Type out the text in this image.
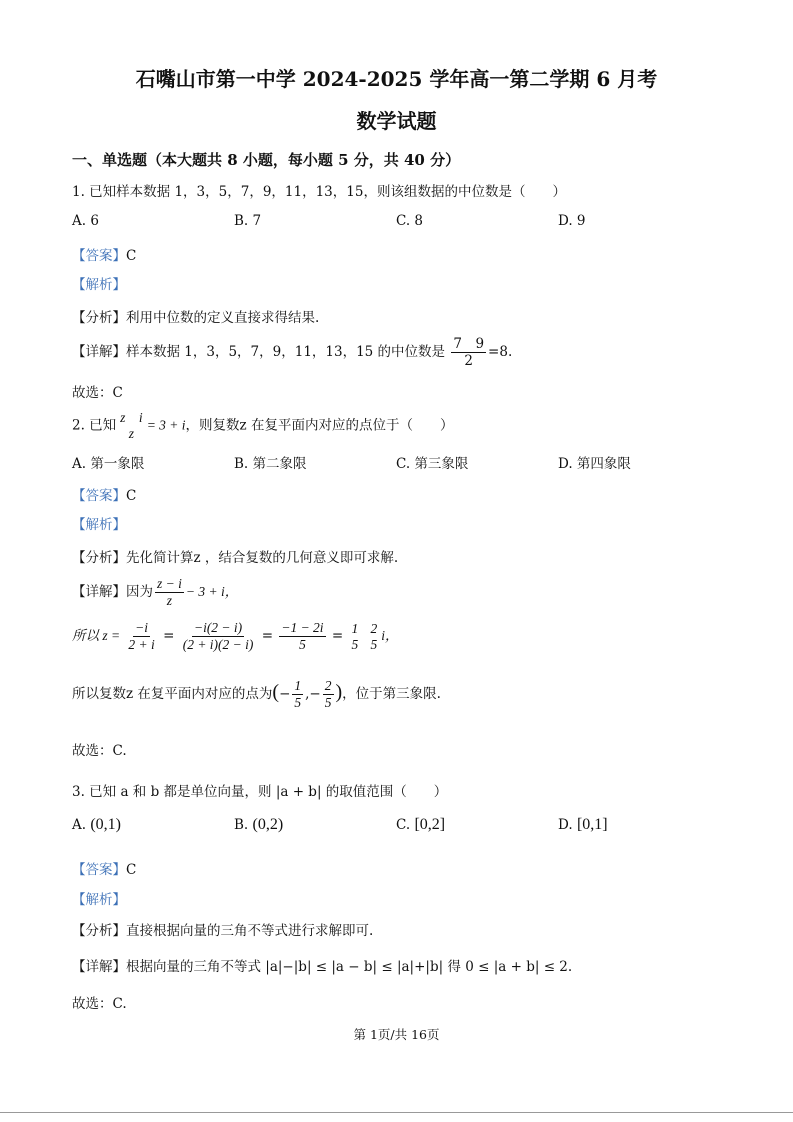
石嘴山市第一中学 2024-2025 学年高一第二学期 6 月考
数学试题
一、单选题（本大题共 8 小题，每小题 5 分，共 40 分）
1. 已知样本数据 1，3，5，7，9，11，13，15，则该组数据的中位数是（　　）
A. 6	B. 7	C. 8	D. 9
【答案】C
【解析】
【分析】利用中位数的定义直接求得结果.
【详解】样本数据 1，3，5，7，9，11，13，15 的中位数是 $\frac{7 9}{2} =8$.
故选：C
2. 已知 z　i
z
= 3 + i，则复数z 在复平面内对应的点位于（　　）
A. 第一象限	B. 第二象限	C. 第三象限	D. 第四象限
【答案】C
【解析】
【分析】先化简计算z ，结合复数的几何意义即可求解.
【详解】因为 $\frac{z - i}{z} - 3 + i$，
所以 $z = \frac{-i}{2 + i} = \frac{-i(2 - i)}{(2 + i)(2 - i)} = \frac{-1 - 2i}{5} = 1$
5

2
5
i，
所以复数z 在复平面内对应的点为(− $\frac{1}{5}$ ,− $\frac{2}{5}$ )，位于第三象限.
故选：C.
3. 已知 a 和 b 都是单位向量，则 |a + b| 的取值范围（　　）
A. (0,1)	B. (0,2)	C. [0,2]	D. [0,1]
【答案】C
【解析】
【分析】直接根据向量的三角不等式进行求解即可.
【详解】根据向量的三角不等式 |a|−|b| ≤ |a − b| ≤ |a|+|b| 得 0 ≤ |a + b| ≤ 2.
故选：C.
第 1页/共 16页
